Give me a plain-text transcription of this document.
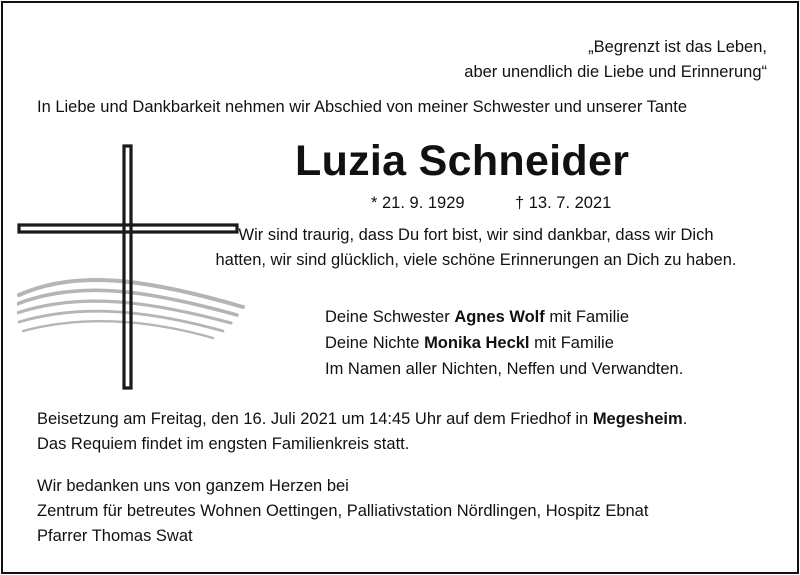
„Begrenzt ist das Leben,
aber unendlich die Liebe und Erinnerung“
In Liebe und Dankbarkeit nehmen wir Abschied von meiner Schwester und unserer Tante
Luzia Schneider
* 21. 9. 1929	† 13. 7. 2021
Wir sind traurig, dass Du fort bist, wir sind dankbar, dass wir Dich
hatten, wir sind glücklich, viele schöne Erinnerungen an Dich zu haben.
Deine Schwester Agnes Wolf mit Familie
Deine Nichte Monika Heckl mit Familie
Im Namen aller Nichten, Neffen und Verwandten.
Beisetzung am Freitag, den 16. Juli 2021 um 14:45 Uhr auf dem Friedhof in Megesheim.
Das Requiem findet im engsten Familienkreis statt.
Wir bedanken uns von ganzem Herzen bei
Zentrum für betreutes Wohnen Oettingen, Palliativstation Nördlingen, Hospitz Ebnat
Pfarrer Thomas Swat
